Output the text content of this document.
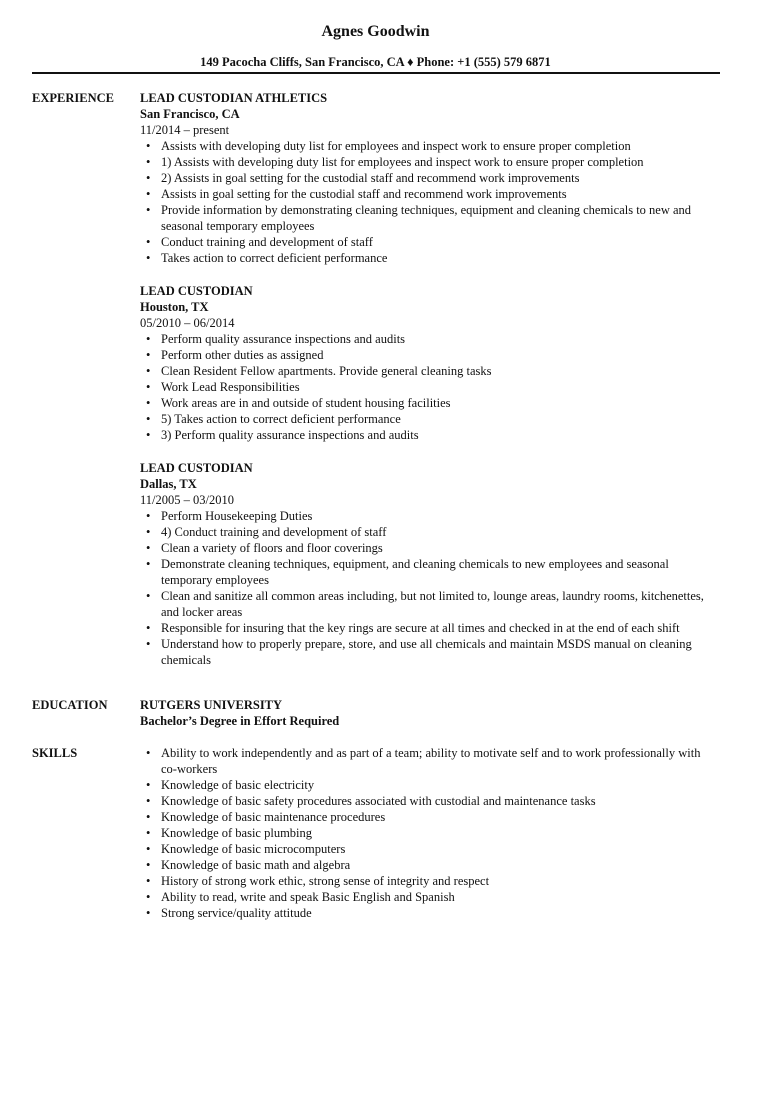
Agnes Goodwin
149 Pacocha Cliffs, San Francisco, CA ♦ Phone: +1 (555) 579 6871
EXPERIENCE	LEAD CUSTODIAN ATHLETICS
San Francisco, CA
11/2014 – present
• Assists with developing duty list for employees and inspect work to ensure proper completion
• 1) Assists with developing duty list for employees and inspect work to ensure proper completion
• 2) Assists in goal setting for the custodial staff and recommend work improvements
• Assists in goal setting for the custodial staff and recommend work improvements
• Provide information by demonstrating cleaning techniques, equipment and cleaning chemicals to new and seasonal temporary employees
• Conduct training and development of staff
• Takes action to correct deficient performance
LEAD CUSTODIAN
Houston, TX
05/2010 – 06/2014
• Perform quality assurance inspections and audits
• Perform other duties as assigned
• Clean Resident Fellow apartments. Provide general cleaning tasks
• Work Lead Responsibilities
• Work areas are in and outside of student housing facilities
• 5) Takes action to correct deficient performance
• 3) Perform quality assurance inspections and audits
LEAD CUSTODIAN
Dallas, TX
11/2005 – 03/2010
• Perform Housekeeping Duties
• 4) Conduct training and development of staff
• Clean a variety of floors and floor coverings
• Demonstrate cleaning techniques, equipment, and cleaning chemicals to new employees and seasonal temporary employees
• Clean and sanitize all common areas including, but not limited to, lounge areas, laundry rooms, kitchenettes, and locker areas
• Responsible for insuring that the key rings are secure at all times and checked in at the end of each shift
• Understand how to properly prepare, store, and use all chemicals and maintain MSDS manual on cleaning chemicals
EDUCATION	RUTGERS UNIVERSITY
Bachelor’s Degree in Effort Required
SKILLS
•	Ability to work independently and as part of a team; ability to motivate self and to work professionally with co-workers
• Knowledge of basic electricity
• Knowledge of basic safety procedures associated with custodial and maintenance tasks
• Knowledge of basic maintenance procedures
• Knowledge of basic plumbing
• Knowledge of basic microcomputers
• Knowledge of basic math and algebra
• History of strong work ethic, strong sense of integrity and respect
• Ability to read, write and speak Basic English and Spanish
• Strong service/quality attitude
